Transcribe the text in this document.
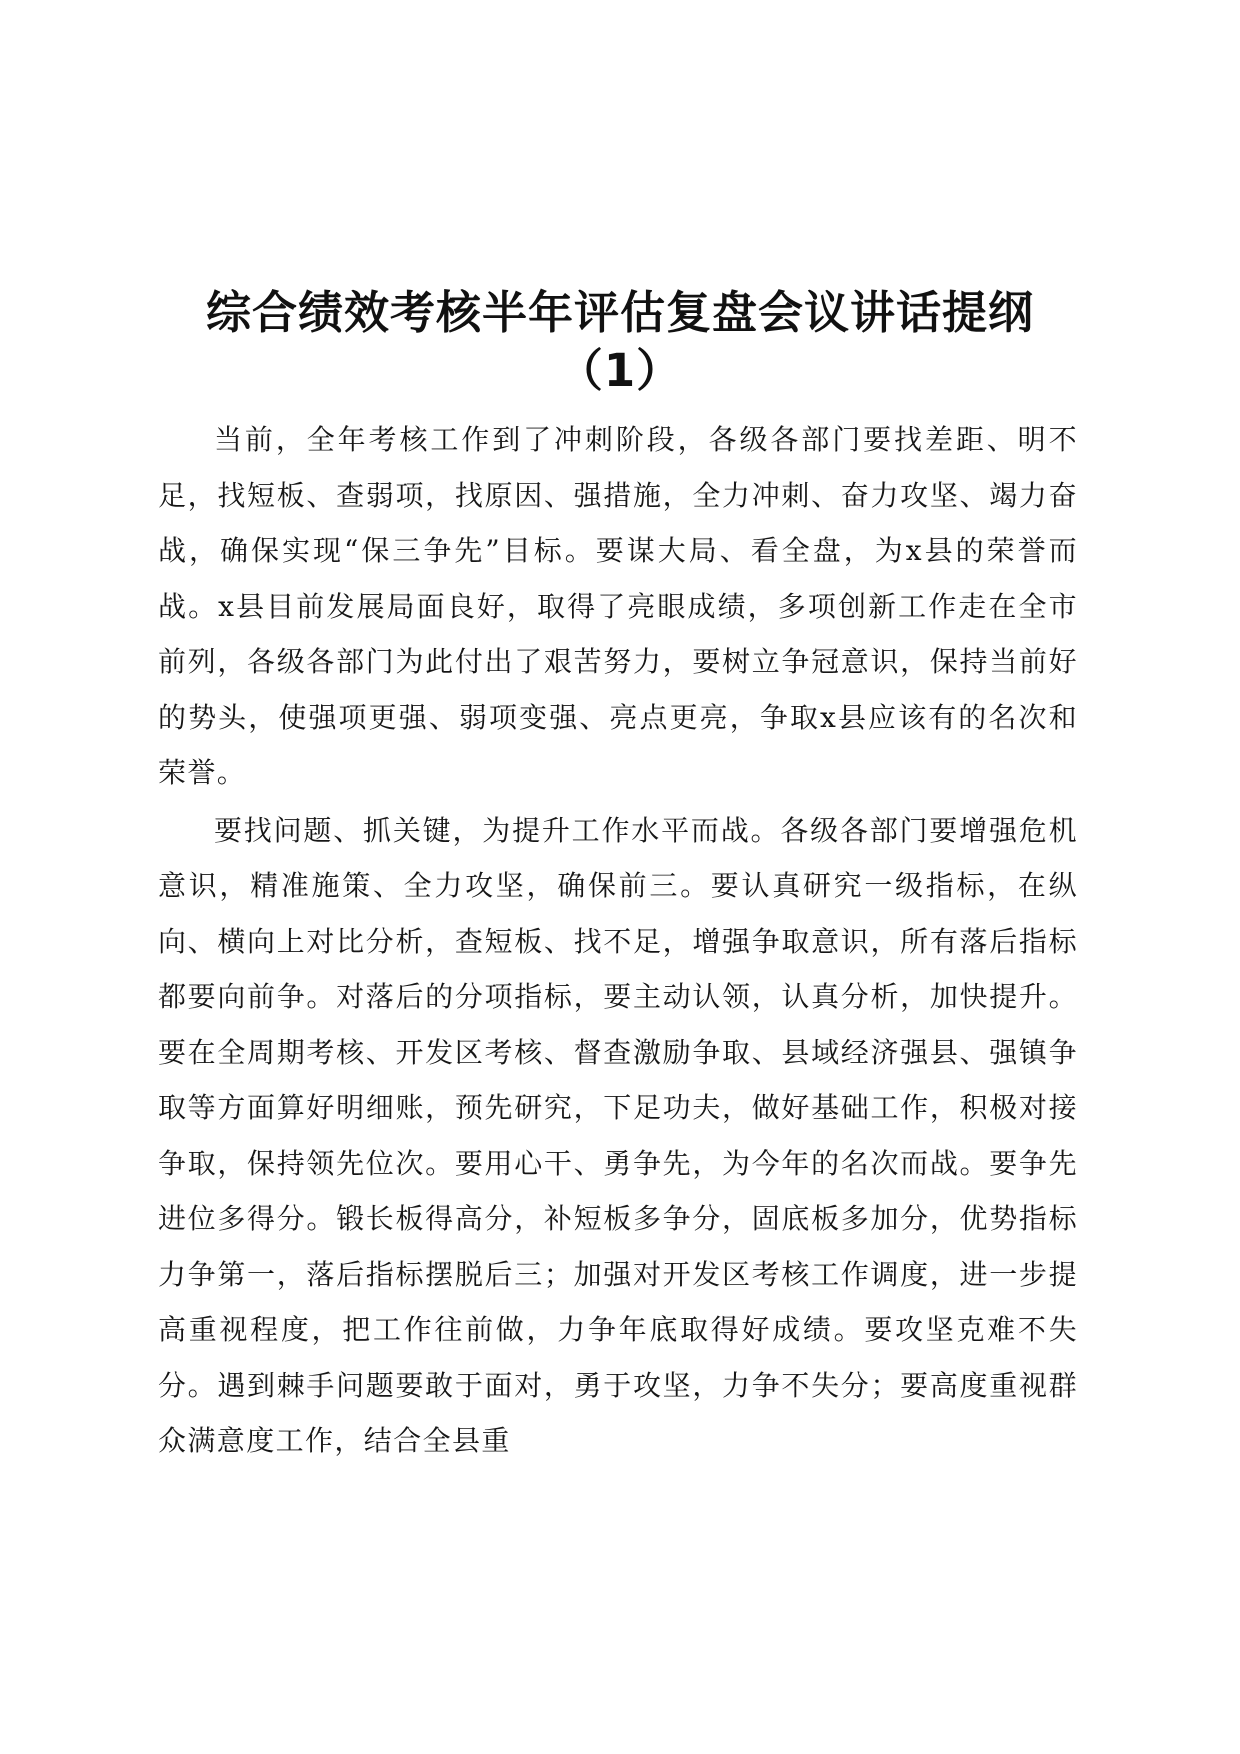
综合绩效考核半年评估复盘会议讲话提纲
（1）

当前，全年考核工作到了冲刺阶段，各级各部门要找差距、明不足，找短板、查弱项，找原因、强措施，全力冲刺、奋力攻坚、竭力奋战，确保实现“保三争先”目标。要谋大局、看全盘，为x县的荣誉而战。x县目前发展局面良好，取得了亮眼成绩，多项创新工作走在全市前列，各级各部门为此付出了艰苦努力，要树立争冠意识，保持当前好的势头，使强项更强、弱项变强、亮点更亮，争取x县应该有的名次和荣誉。

要找问题、抓关键，为提升工作水平而战。各级各部门要增强危机意识，精准施策、全力攻坚，确保前三。要认真研究一级指标，在纵向、横向上对比分析，查短板、找不足，增强争取意识，所有落后指标都要向前争。对落后的分项指标，要主动认领，认真分析，加快提升。要在全周期考核、开发区考核、督查激励争取、县域经济强县、强镇争取等方面算好明细账，预先研究，下足功夫，做好基础工作，积极对接争取，保持领先位次。要用心干、勇争先，为今年的名次而战。要争先进位多得分。锻长板得高分，补短板多争分，固底板多加分，优势指标力争第一，落后指标摆脱后三；加强对开发区考核工作调度，进一步提高重视程度，把工作往前做，力争年底取得好成绩。要攻坚克难不失分。遇到棘手问题要敢于面对，勇于攻坚，力争不失分；要高度重视群众满意度工作，结合全县重
